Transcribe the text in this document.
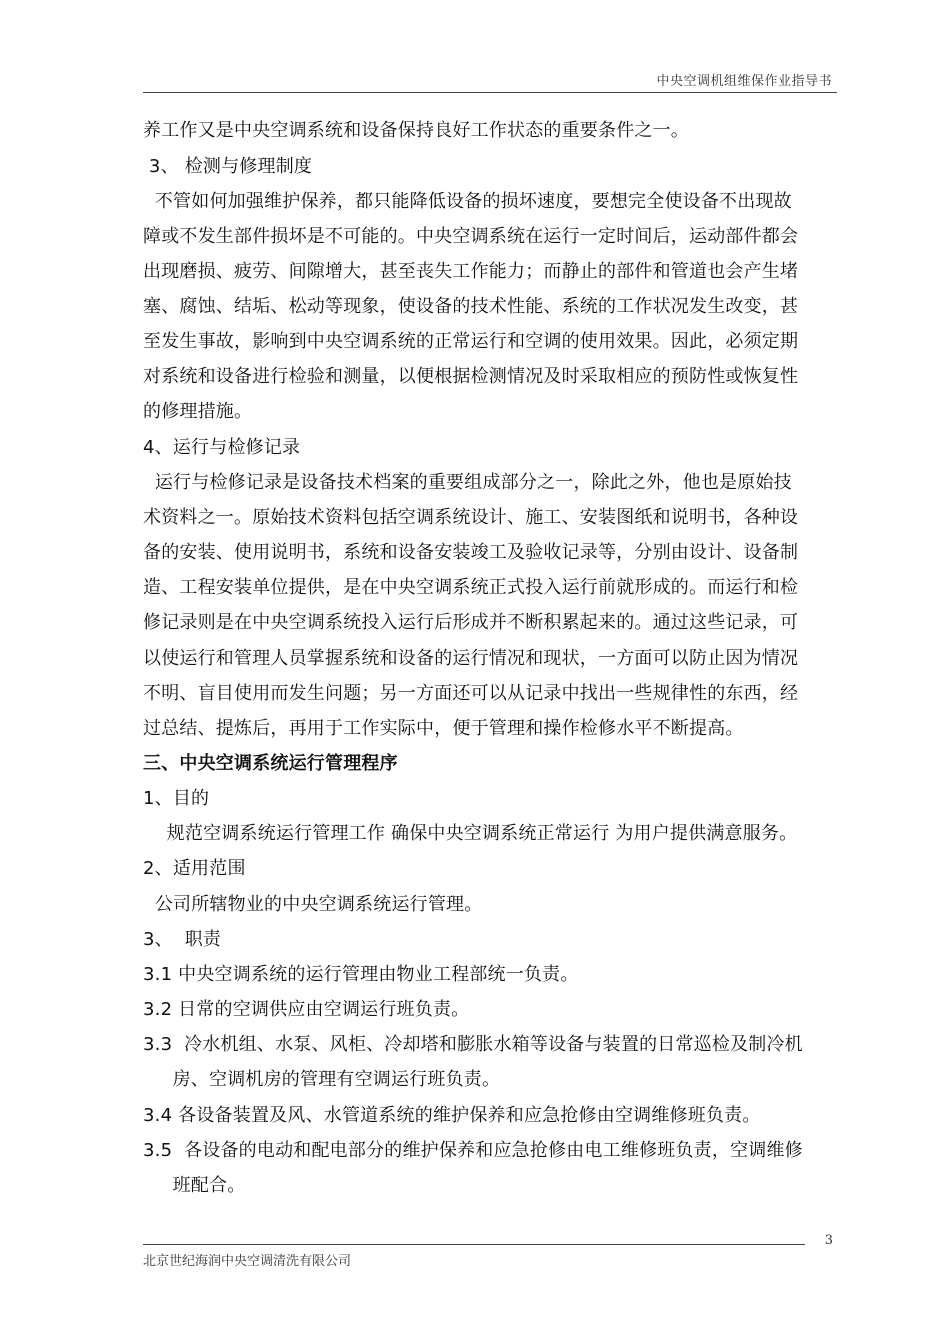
中央空调机组维保作业指导书
养工作又是中央空调系统和设备保持良好工作状态的重要条件之一。
3、 检测与修理制度
不管如何加强维护保养，都只能降低设备的损坏速度，要想完全使设备不出现故
障或不发生部件损坏是不可能的。中央空调系统在运行一定时间后，运动部件都会
出现磨损、疲劳、间隙增大，甚至丧失工作能力；而静止的部件和管道也会产生堵
塞、腐蚀、结垢、松动等现象，使设备的技术性能、系统的工作状况发生改变，甚
至发生事故，影响到中央空调系统的正常运行和空调的使用效果。因此，必须定期
对系统和设备进行检验和测量，以便根据检测情况及时采取相应的预防性或恢复性
的修理措施。
4、运行与检修记录
运行与检修记录是设备技术档案的重要组成部分之一，除此之外，他也是原始技
术资料之一。原始技术资料包括空调系统设计、施工、安装图纸和说明书，各种设
备的安装、使用说明书，系统和设备安装竣工及验收记录等，分别由设计、设备制
造、工程安装单位提供，是在中央空调系统正式投入运行前就形成的。而运行和检
修记录则是在中央空调系统投入运行后形成并不断积累起来的。通过这些记录，可
以使运行和管理人员掌握系统和设备的运行情况和现状，一方面可以防止因为情况
不明、盲目使用而发生问题；另一方面还可以从记录中找出一些规律性的东西，经
过总结、提炼后，再用于工作实际中，便于管理和操作检修水平不断提高。
三、中央空调系统运行管理程序
1、目的
规范空调系统运行管理工作 确保中央空调系统正常运行 为用户提供满意服务。
2、适用范围
公司所辖物业的中央空调系统运行管理。
3、  职责
3.1 中央空调系统的运行管理由物业工程部统一负责。
3.2 日常的空调供应由空调运行班负责。
3.3  冷水机组、水泵、风柜、冷却塔和膨胀水箱等设备与装置的日常巡检及制冷机
房、空调机房的管理有空调运行班负责。
3.4 各设备装置及风、水管道系统的维护保养和应急抢修由空调维修班负责。
3.5  各设备的电动和配电部分的维护保养和应急抢修由电工维修班负责，空调维修
班配合。
3
北京世纪海润中央空调清洗有限公司
